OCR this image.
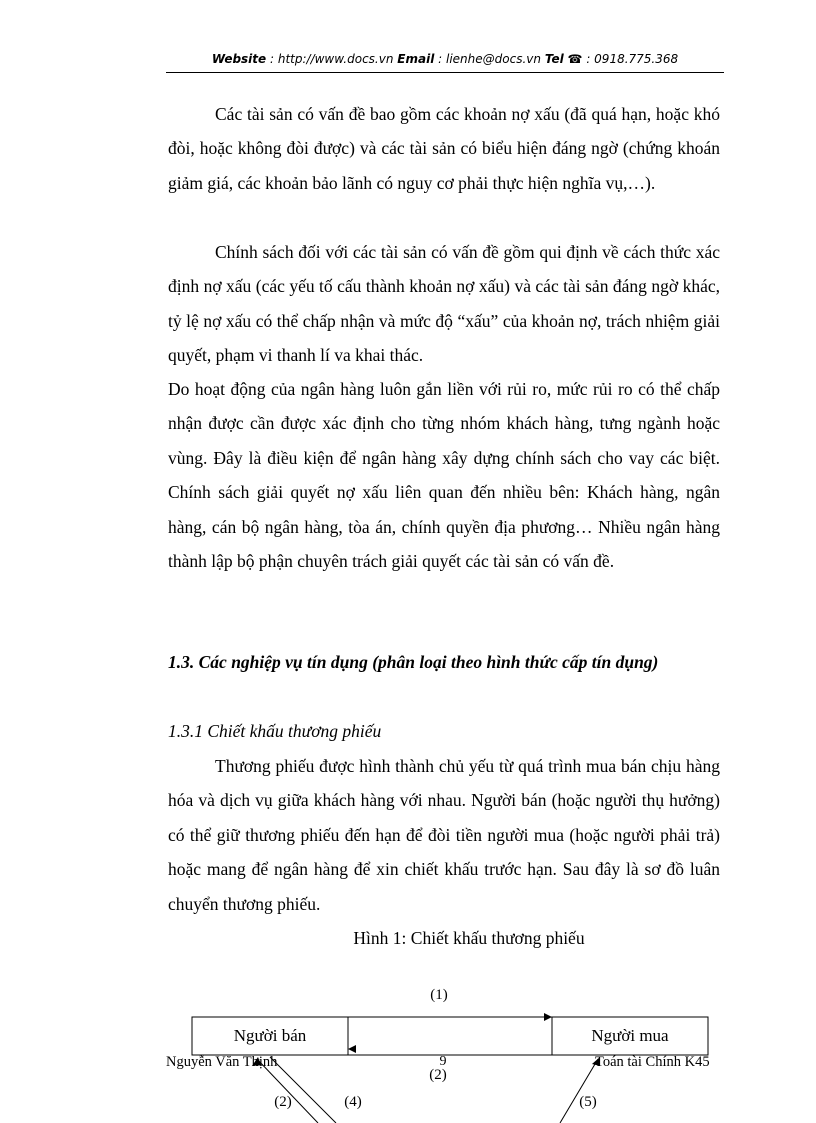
Website : http://www.docs.vn Email : lienhe@docs.vn Tel ☎ : 0918.775.368

Các tài sản có vấn đề bao gồm các khoản nợ xấu (đã quá hạn, hoặc khó đòi, hoặc không đòi được) và các tài sản có biểu hiện đáng ngờ (chứng khoán giảm giá, các khoản bảo lãnh có nguy cơ phải thực hiện nghĩa vụ,…).

Chính sách đối với các tài sản có vấn đề gồm qui định về cách thức xác định nợ xấu (các yếu tố cấu thành khoản nợ xấu) và các tài sản đáng ngờ khác, tỷ lệ nợ xấu có thể chấp nhận và mức độ “xấu” của khoản nợ, trách nhiệm giải quyết, phạm vi thanh lí va khai thác.

Do hoạt động của ngân hàng luôn gắn liền với rủi ro, mức rủi ro có thể chấp nhận được cần được xác định cho từng nhóm khách hàng, tưng ngành hoặc vùng. Đây là điều kiện để ngân hàng xây dựng chính sách cho vay các biệt. Chính sách giải quyết nợ xấu liên quan đến nhiều bên: Khách hàng, ngân hàng, cán bộ ngân hàng, tòa án, chính quyền địa phương… Nhiều ngân hàng thành lập bộ phận chuyên trách giải quyết các tài sản có vấn đề.

1.3. Các nghiệp vụ tín dụng (phân loại theo hình thức cấp tín dụng)
1.3.1 Chiết khấu thương phiếu

Thương phiếu được hình thành chủ yếu từ quá trình mua bán chịu hàng hóa và dịch vụ giữa khách hàng với nhau. Người bán (hoặc người thụ hưởng) có thể giữ thương phiếu đến hạn để đòi tiền người mua (hoặc người phải trả) hoặc mang để ngân hàng để xin chiết khấu trước hạn. Sau đây là sơ đồ luân chuyển thương phiếu.

Hình 1: Chiết khấu thương phiếu
Người bán	Người mua
(1)
9
(2)
(2)	(4)	(5)
Nguyễn Văn Thịnh	Toán tài Chính K45
